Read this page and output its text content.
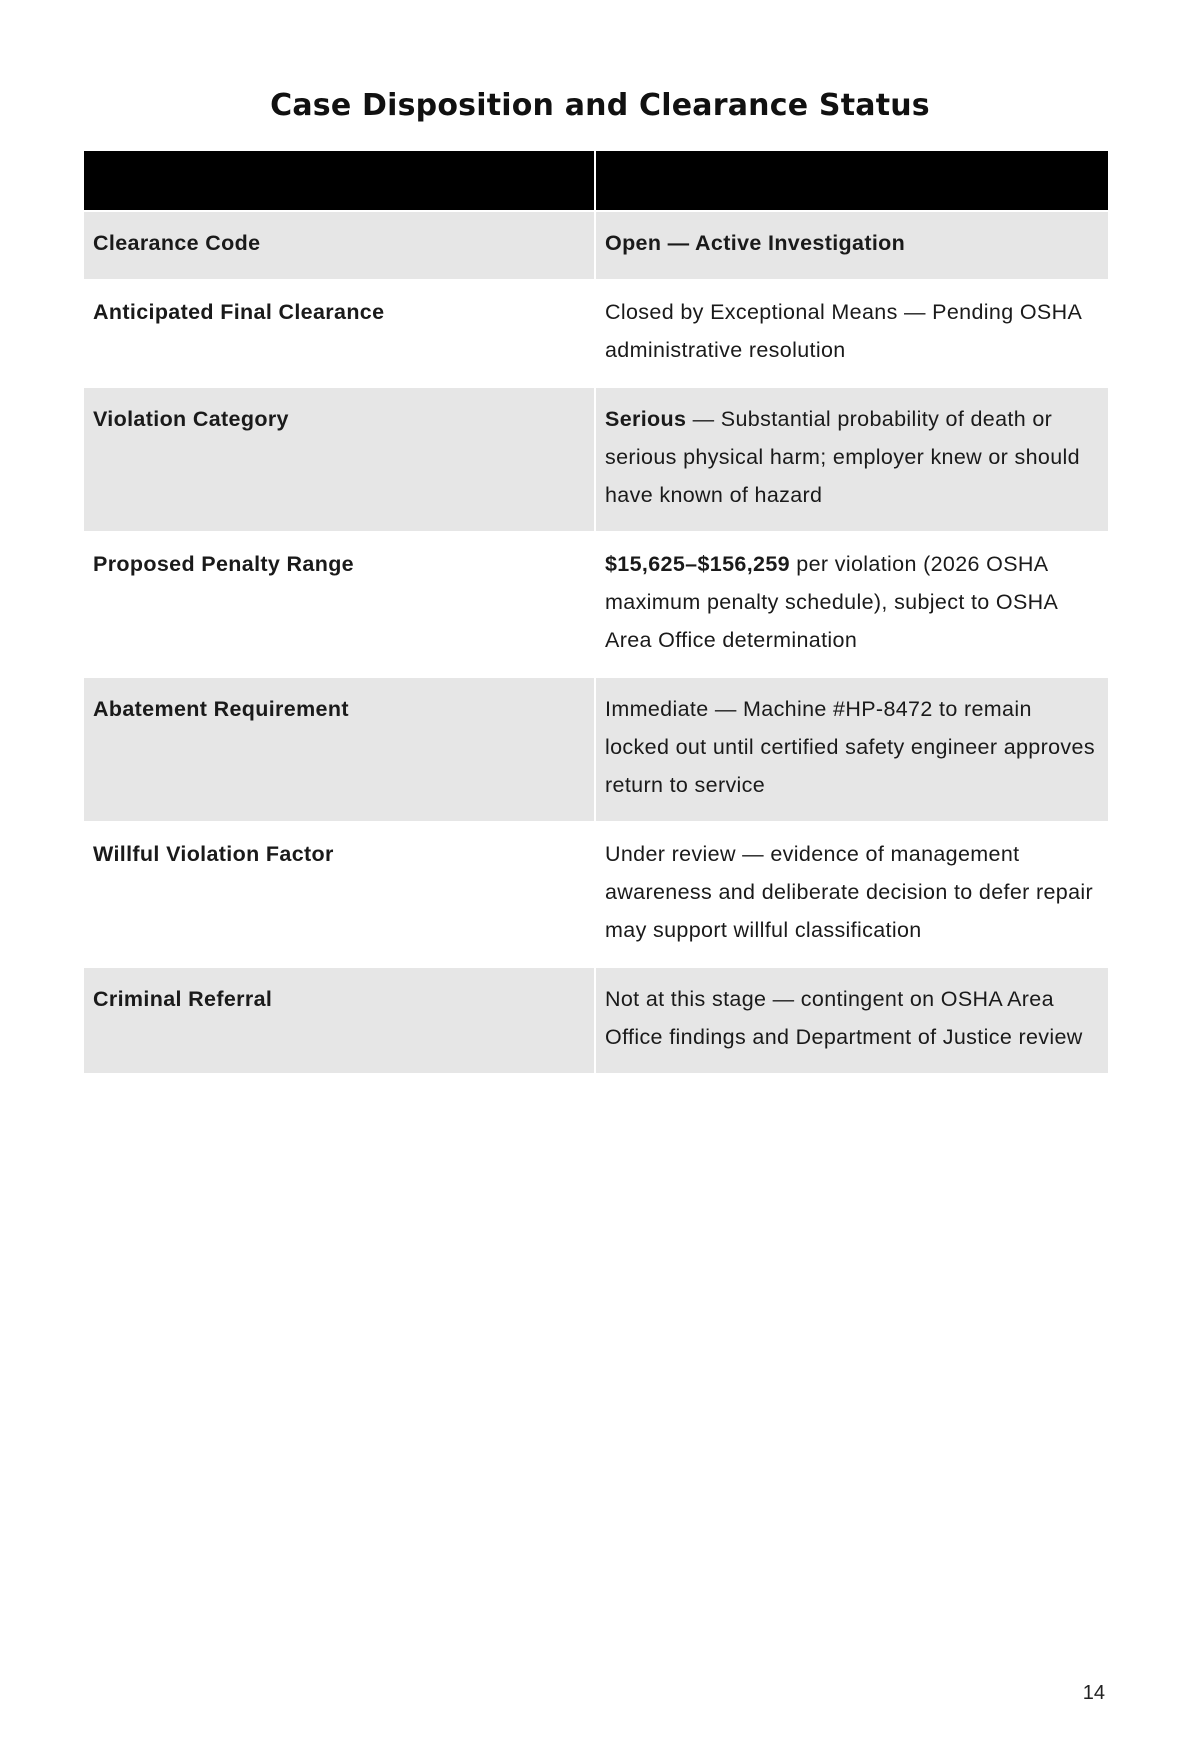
Case Disposition and Clearance Status

Clearance Code	Open — Active Investigation
Anticipated Final Clearance	Closed by Exceptional Means — Pending OSHA administrative resolution
Violation Category	Serious — Substantial probability of death or serious physical harm; employer knew or should have known of hazard
Proposed Penalty Range	$15,625–$156,259 per violation (2026 OSHA maximum penalty schedule), subject to OSHA Area Office determination
Abatement Requirement	Immediate — Machine #HP-8472 to remain locked out until certified safety engineer approves return to service
Willful Violation Factor	Under review — evidence of management awareness and deliberate decision to defer repair may support willful classification
Criminal Referral	Not at this stage — contingent on OSHA Area Office findings and Department of Justice review
14
